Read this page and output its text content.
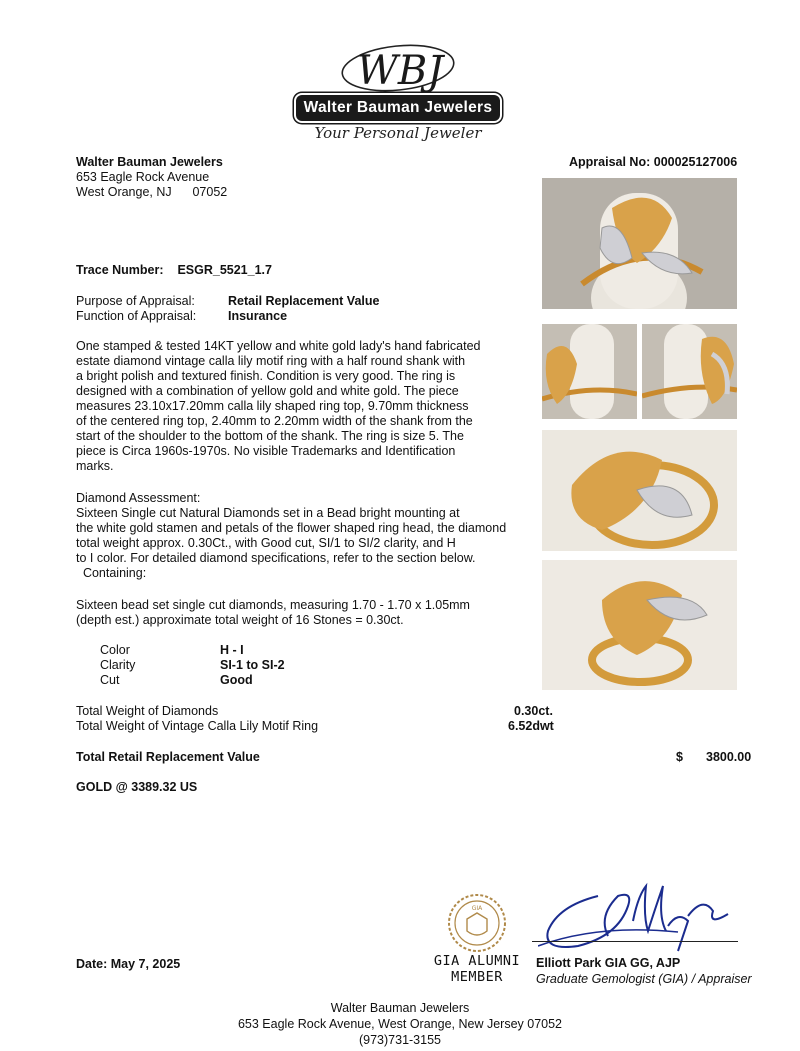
WBJ
Walter Bauman Jewelers
Your Personal Jeweler
Walter Bauman Jewelers
653 Eagle Rock Avenue
West Orange, NJ      07052
Appraisal No: 000025127006
Trace Number: ESGR_5521_1.7
Purpose of Appraisal:	Retail Replacement Value
Function of Appraisal:	Insurance
One stamped & tested 14KT yellow and white gold lady's hand fabricated
estate diamond vintage calla lily motif ring with a half round shank with
a bright polish and textured finish. Condition is very good. The ring is
designed with a combination of yellow gold and white gold. The piece
measures 23.10x17.20mm calla lily shaped ring top, 9.70mm thickness
of the centered ring top, 2.40mm to 2.20mm width of the shank from the
start of the shoulder to the bottom of the shank. The ring is size 5. The
piece is Circa 1960s-1970s. No visible Trademarks and Identification
marks.
Diamond Assessment:
Sixteen Single cut Natural Diamonds set in a Bead bright mounting at
the white gold stamen and petals of the flower shaped ring head, the diamond
total weight approx. 0.30Ct., with Good cut, SI/1 to SI/2 clarity, and H
to I color. For detailed diamond specifications, refer to the section below.
Containing:
Sixteen bead set single cut diamonds, measuring 1.70 - 1.70 x 1.05mm
(depth est.) approximate total weight of 16 Stones = 0.30ct.
Color	H - I
Clarity	SI-1 to SI-2
Cut	Good
Total Weight of Diamonds	0.30ct.
Total Weight of Vintage Calla Lily Motif Ring	6.52dwt
Total Retail Replacement Value	$ 3800.00
GOLD @ 3389.32 US
Date: May 7, 2025
GIA
GIA ALUMNI
MEMBER
Elliott Park GIA GG, AJP
Graduate Gemologist (GIA) / Appraiser
Walter Bauman Jewelers
653 Eagle Rock Avenue, West Orange, New Jersey 07052
(973)731-3155
